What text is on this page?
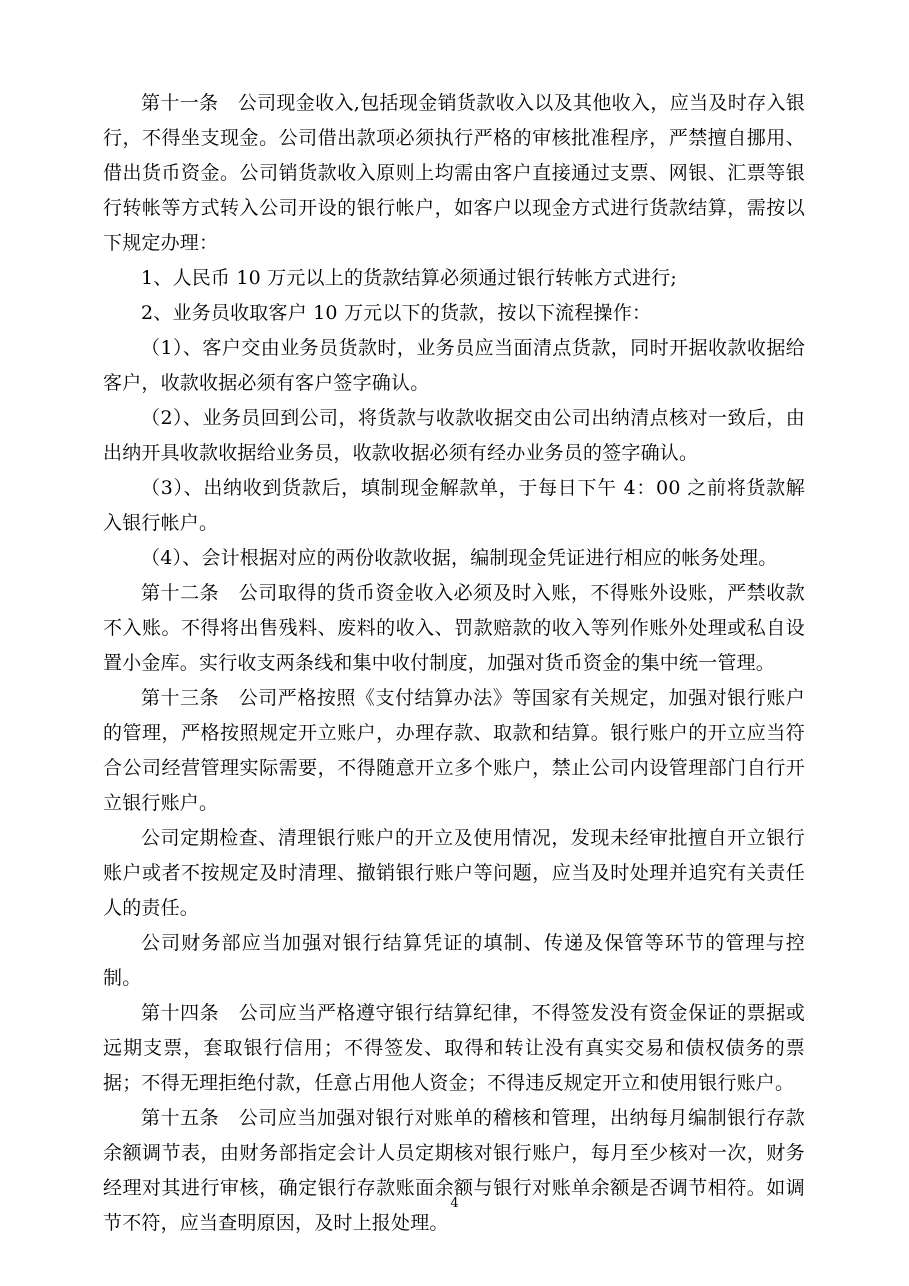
第十一条　公司现金收入,包括现金销货款收入以及其他收入，应当及时存入银行，不得坐支现金。公司借出款项必须执行严格的审核批准程序，严禁擅自挪用、借出货币资金。公司销货款收入原则上均需由客户直接通过支票、网银、汇票等银行转帐等方式转入公司开设的银行帐户，如客户以现金方式进行货款结算，需按以下规定办理：

1、人民币 10 万元以上的货款结算必须通过银行转帐方式进行;

2、业务员收取客户 10 万元以下的货款，按以下流程操作：

（1）、客户交由业务员货款时，业务员应当面清点货款，同时开据收款收据给客户，收款收据必须有客户签字确认。

（2）、业务员回到公司，将货款与收款收据交由公司出纳清点核对一致后，由出纳开具收款收据给业务员，收款收据必须有经办业务员的签字确认。

（3）、出纳收到货款后，填制现金解款单，于每日下午 4：00 之前将货款解入银行帐户。

（4）、会计根据对应的两份收款收据，编制现金凭证进行相应的帐务处理。

第十二条　公司取得的货币资金收入必须及时入账，不得账外设账，严禁收款不入账。不得将出售残料、废料的收入、罚款赔款的收入等列作账外处理或私自设置小金库。实行收支两条线和集中收付制度，加强对货币资金的集中统一管理。

第十三条　公司严格按照《支付结算办法》等国家有关规定，加强对银行账户的管理，严格按照规定开立账户，办理存款、取款和结算。银行账户的开立应当符合公司经营管理实际需要，不得随意开立多个账户，禁止公司内设管理部门自行开立银行账户。

公司定期检查、清理银行账户的开立及使用情况，发现未经审批擅自开立银行账户或者不按规定及时清理、撤销银行账户等问题，应当及时处理并追究有关责任人的责任。

公司财务部应当加强对银行结算凭证的填制、传递及保管等环节的管理与控制。

第十四条　公司应当严格遵守银行结算纪律，不得签发没有资金保证的票据或远期支票，套取银行信用；不得签发、取得和转让没有真实交易和债权债务的票据；不得无理拒绝付款，任意占用他人资金；不得违反规定开立和使用银行账户。

第十五条　公司应当加强对银行对账单的稽核和管理，出纳每月编制银行存款余额调节表，由财务部指定会计人员定期核对银行账户，每月至少核对一次，财务经理对其进行审核，确定银行存款账面余额与银行对账单余额是否调节相符。如调节不符，应当查明原因，及时上报处理。

4
